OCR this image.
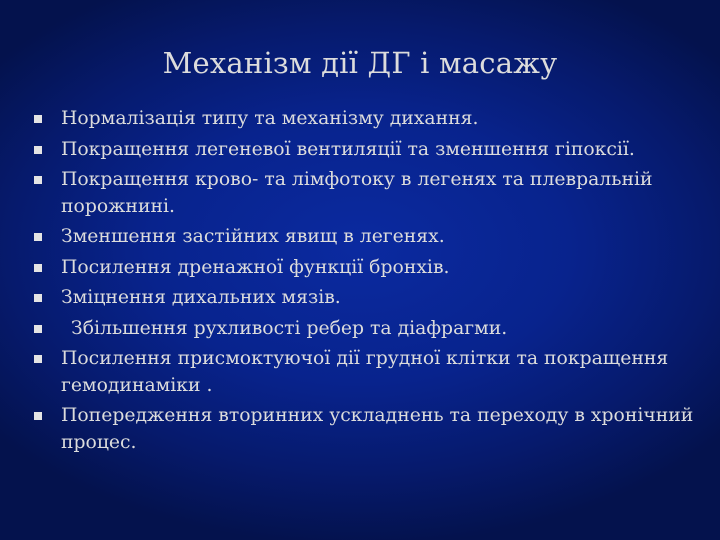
Механізм дії ДГ і масажу
Нормалізація типу та механізму дихання.
Покращення легеневої вентиляції та зменшення гіпоксії.
Покращення крово- та лімфотоку в легенях та плевральній порожнині.
Зменшення застійних явищ в легенях.
Посилення дренажної функції бронхів.
Зміцнення дихальних мязів.
Збільшення рухливості ребер та діафрагми.
Посилення присмоктуючої дії грудної клітки та покращення гемодинаміки .
Попередження вторинних ускладнень та переходу в хронічний процес.
